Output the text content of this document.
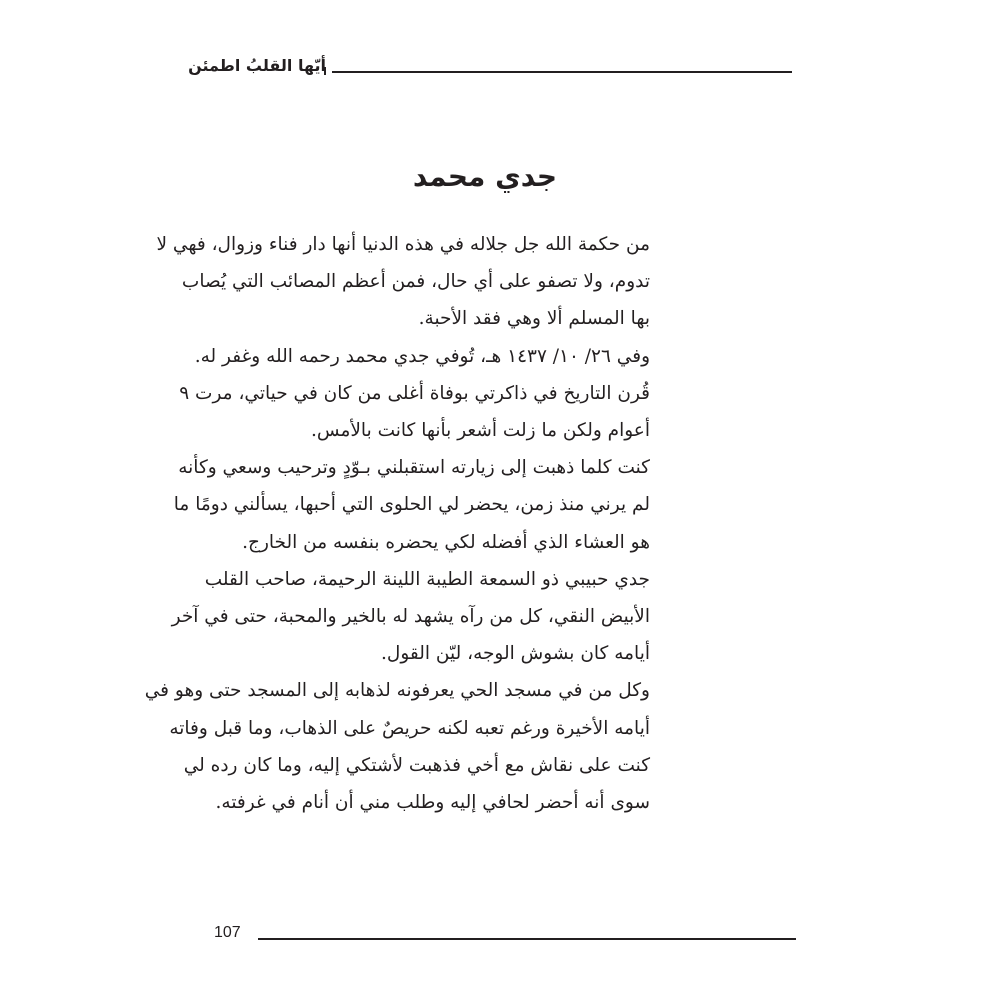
أيّها القلبُ اطمئن
جدي محمد
من حكمة الله جل جلاله في هذه الدنيا أنها دار فناء وزوال، فهي لا
تدوم، ولا تصفو على أي حال، فمن أعظم المصائب التي يُصاب
بها المسلم ألا وهي فقد الأحبة.
وفي ٢٦/ ١٠/ ١٤٣٧ هـ، تُوفي جدي محمد رحمه الله وغفر له.
قُرن التاريخ في ذاكرتي بوفاة أغلى من كان في حياتي، مرت ٩
أعوام ولكن ما زلت أشعر بأنها كانت بالأمس.
كنت كلما ذهبت إلى زيارته استقبلني بـوّدٍ وترحيب وسعي وكأنه
لم يرني منذ زمن، يحضر لي الحلوى التي أحبها، يسألني دومًا ما
هو العشاء الذي أفضله لكي يحضره بنفسه من الخارج.
جدي حبيبي ذو السمعة الطيبة اللينة الرحيمة، صاحب القلب
الأبيض النقي، كل من رآه يشهد له بالخير والمحبة، حتى في آخر
أيامه كان بشوش الوجه، ليّن القول.
وكل من في مسجد الحي يعرفونه لذهابه إلى المسجد حتى وهو في
أيامه الأخيرة ورغم تعبه لكنه حريصٌ على الذهاب، وما قبل وفاته
كنت على نقاش مع أخي فذهبت لأشتكي إليه، وما كان رده لي
سوى أنه أحضر لحافي إليه وطلب مني أن أنام في غرفته.
107
